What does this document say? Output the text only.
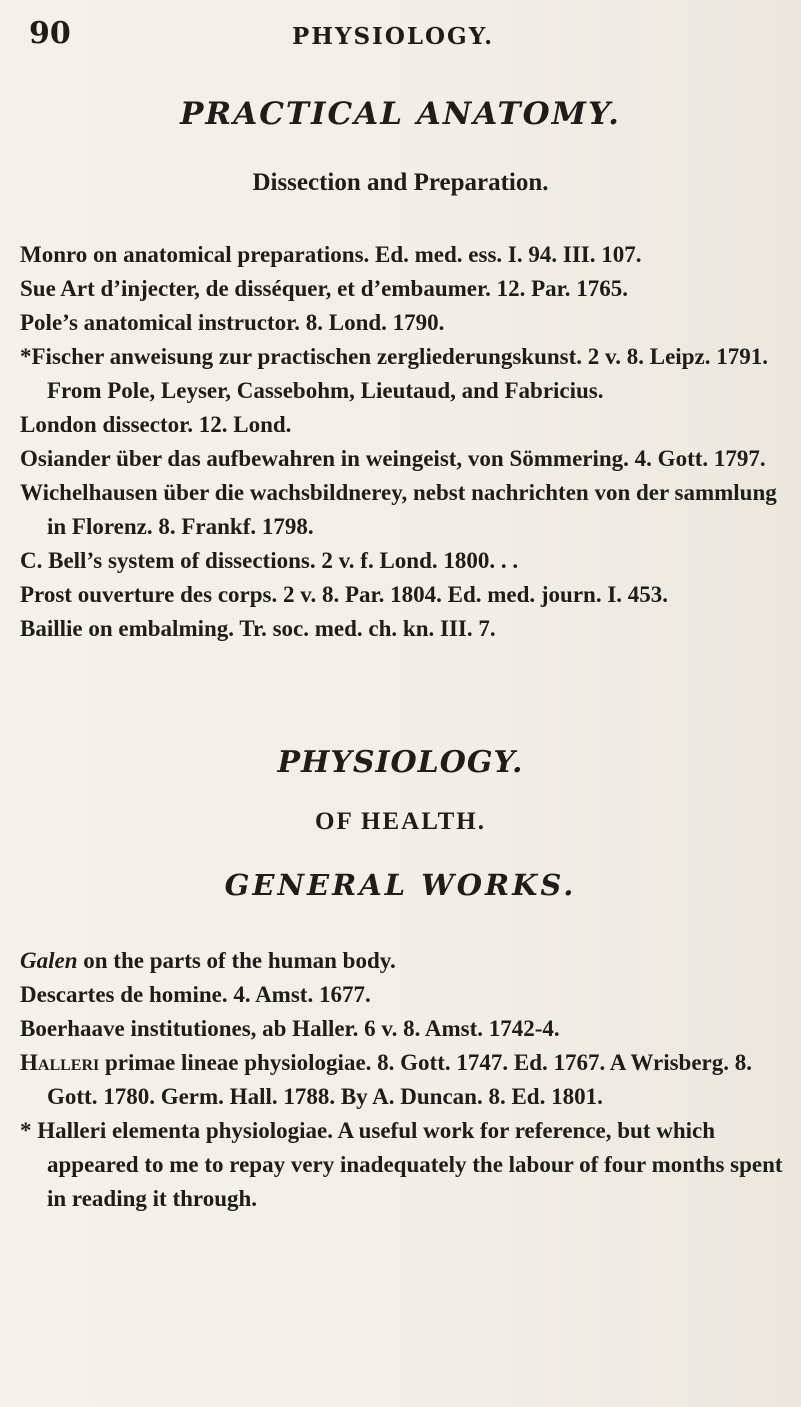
90	PHYSIOLOGY.
PRACTICAL ANATOMY.
Dissection and Preparation.
Monro on anatomical preparations. Ed. med. ess. I. 94. III. 107.
Sue Art d’injecter, de disséquer, et d’embaumer. 12. Par. 1765.
Pole’s anatomical instructor. 8. Lond. 1790.
*Fischer anweisung zur practischen zergliederungskunst. 2 v. 8. Leipz. 1791. From Pole, Leyser, Cassebohm, Lieutaud, and Fabricius.
London dissector. 12. Lond.
Osiander über das aufbewahren in weingeist, von Sömmering. 4. Gott. 1797.
Wichelhausen über die wachsbildnerey, nebst nachrichten von der sammlung in Florenz. 8. Frankf. 1798.
C. Bell’s system of dissections. 2 v. f. Lond. 1800. . .
Prost ouverture des corps. 2 v. 8. Par. 1804. Ed. med. journ. I. 453.
Baillie on embalming. Tr. soc. med. ch. kn. III. 7.
PHYSIOLOGY.
OF HEALTH.
GENERAL WORKS.
Galen on the parts of the human body.
Descartes de homine. 4. Amst. 1677.
Boerhaave institutiones, ab Haller. 6 v. 8. Amst. 1742-4.
Halleri primae lineae physiologiae. 8. Gott. 1747. Ed. 1767. A Wrisberg. 8. Gott. 1780. Germ. Hall. 1788. By A. Duncan. 8. Ed. 1801.
* Halleri elementa physiologiae. A useful work for reference, but which appeared to me to repay very inadequately the labour of four months spent in reading it through.
